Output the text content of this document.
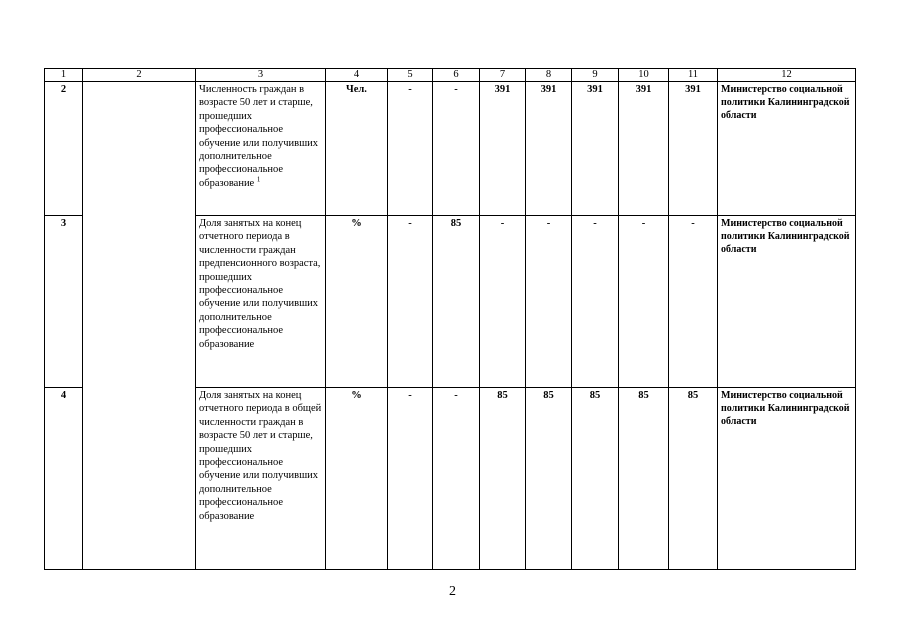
1	2	3	4	5	6	7	8	9	10	11	12
2		Численность граждан в возрасте 50 лет и старше, прошедших профессиональное обучение или получивших дополнительное профессиональное образование $^1$	Чел.	-	-	391	391	391	391	391	Министерство социальной политики Калининградской области
3		Доля занятых на конец отчетного периода в численности граждан предпенсионного возраста, прошедших профессиональное обучение или получивших дополнительное профессиональное образование	%	-	85	-	-	-	-	-	Министерство социальной политики Калининградской области
4		Доля занятых на конец отчетного периода в общей численности граждан в возрасте 50 лет и старше, прошедших профессиональное обучение или получивших дополнительное профессиональное образование	%	-	-	85	85	85	85	85	Министерство социальной политики Калининградской области
2
